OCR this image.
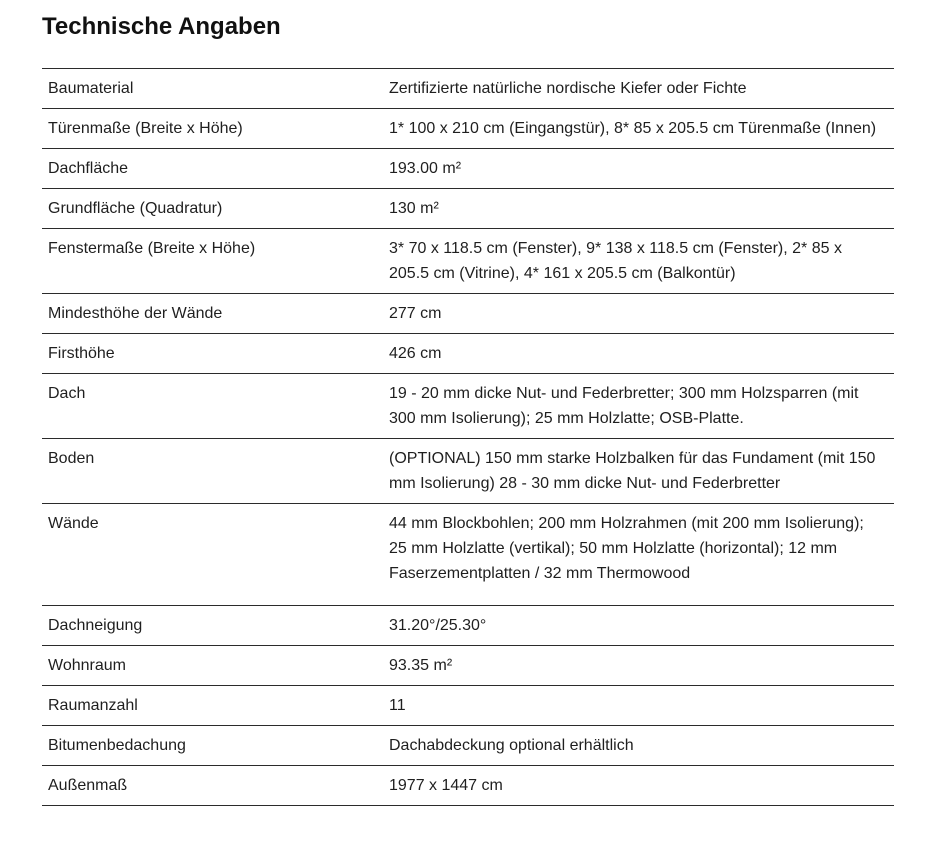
Technische Angaben
Baumaterial	Zertifizierte natürliche nordische Kiefer oder Fichte
Türenmaße (Breite x Höhe)	1* 100 x 210 cm (Eingangstür), 8* 85 x 205.5 cm Türenmaße (Innen)
Dachfläche	193.00 m²
Grundfläche (Quadratur)	130 m²
Fenstermaße (Breite x Höhe)	3* 70 x 118.5 cm (Fenster), 9* 138 x 118.5 cm (Fenster), 2* 85 x 205.5 cm (Vitrine), 4* 161 x 205.5 cm (Balkontür)
Mindesthöhe der Wände	277 cm
Firsthöhe	426 cm
Dach	19 - 20 mm dicke Nut- und Federbretter; 300 mm Holzsparren (mit 300 mm Isolierung); 25 mm Holzlatte; OSB-Platte.
Boden	(OPTIONAL) 150 mm starke Holzbalken für das Fundament (mit 150 mm Isolierung) 28 - 30 mm dicke Nut- und Federbretter
Wände	44 mm Blockbohlen; 200 mm Holzrahmen (mit 200 mm Isolierung); 25 mm Holzlatte (vertikal); 50 mm Holzlatte (horizontal); 12 mm Faserzementplatten / 32 mm Thermowood
Dachneigung	31.20°/25.30°
Wohnraum	93.35 m²
Raumanzahl	11
Bitumenbedachung	Dachabdeckung optional erhältlich
Außenmaß	1977 x 1447 cm
